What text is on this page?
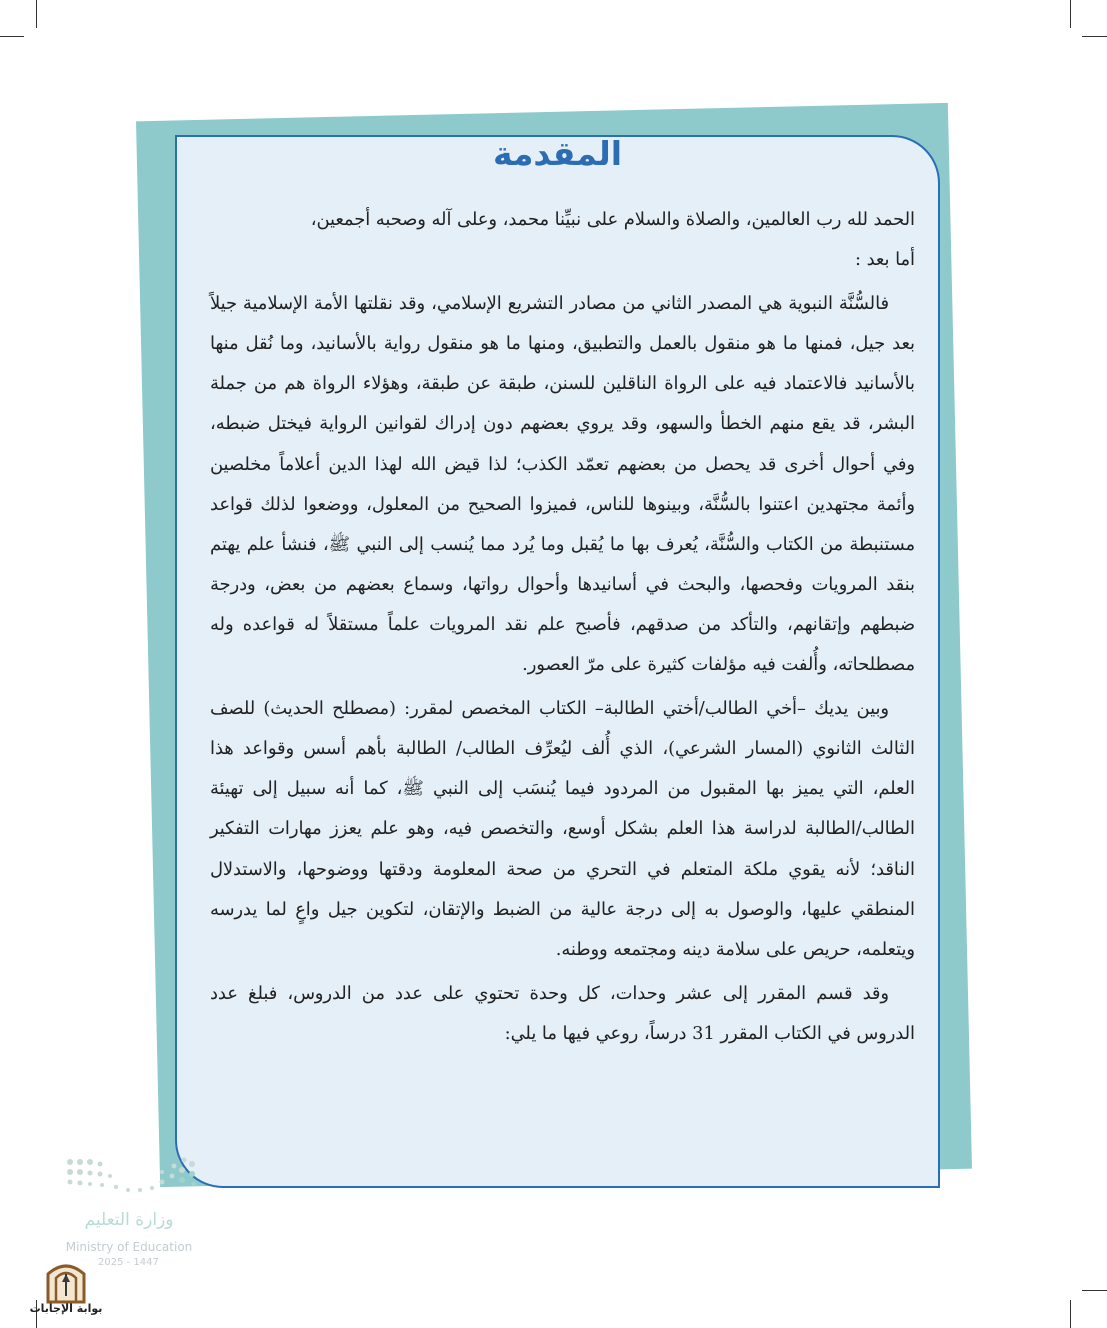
المقدمة

الحمد لله رب العالمين، والصلاة والسلام على نبيِّنا محمد، وعلى آله وصحبه أجمعين،

أما بعد :

فالسُّنَّة النبوية هي المصدر الثاني من مصادر التشريع الإسلامي، وقد نقلتها الأمة الإسلامية جيلاً بعد جيل، فمنها ما هو منقول بالعمل والتطبيق، ومنها ما هو منقول رواية بالأسانيد، وما نُقل منها بالأسانيد فالاعتماد فيه على الرواة الناقلين للسنن، طبقة عن طبقة، وهؤلاء الرواة هم من جملة البشر، قد يقع منهم الخطأ والسهو، وقد يروي بعضهم دون إدراك لقوانين الرواية فيختل ضبطه، وفي أحوال أخرى قد يحصل من بعضهم تعمّد الكذب؛ لذا قيض الله لهذا الدين أعلاماً مخلصين وأئمة مجتهدين اعتنوا بالسُّنَّة، وبينوها للناس، فميزوا الصحيح من المعلول، ووضعوا لذلك قواعد مستنبطة من الكتاب والسُّنَّة، يُعرف بها ما يُقبل وما يُرد مما يُنسب إلى النبي ﷺ، فنشأ علم يهتم بنقد المرويات وفحصها، والبحث في أسانيدها وأحوال رواتها، وسماع بعضهم من بعض، ودرجة ضبطهم وإتقانهم، والتأكد من صدقهم، فأصبح علم نقد المرويات علماً مستقلاً له قواعده وله مصطلحاته، وأُلفت فيه مؤلفات كثيرة على مرّ العصور.

وبين يديك –أخي الطالب/أختي الطالبة– الكتاب المخصص لمقرر: (مصطلح الحديث) للصف الثالث الثانوي (المسار الشرعي)، الذي أُلف ليُعرِّف الطالب/ الطالبة بأهم أسس وقواعد هذا العلم، التي يميز بها المقبول من المردود فيما يُنسَب إلى النبي ﷺ، كما أنه سبيل إلى تهيئة الطالب/الطالبة لدراسة هذا العلم بشكل أوسع، والتخصص فيه، وهو علم يعزز مهارات التفكير الناقد؛ لأنه يقوي ملكة المتعلم في التحري من صحة المعلومة ودقتها ووضوحها، والاستدلال المنطقي عليها، والوصول به إلى درجة عالية من الضبط والإتقان، لتكوين جيل واعٍ لما يدرسه ويتعلمه، حريص على سلامة دينه ومجتمعه ووطنه.

وقد قسم المقرر إلى عشر وحدات، كل وحدة تحتوي على عدد من الدروس، فبلغ عدد الدروس في الكتاب المقرر 31 درساً، روعي فيها ما يلي:

وزارة التعليم
Ministry of Education
2025 - 1447
بوابة الإجابات
